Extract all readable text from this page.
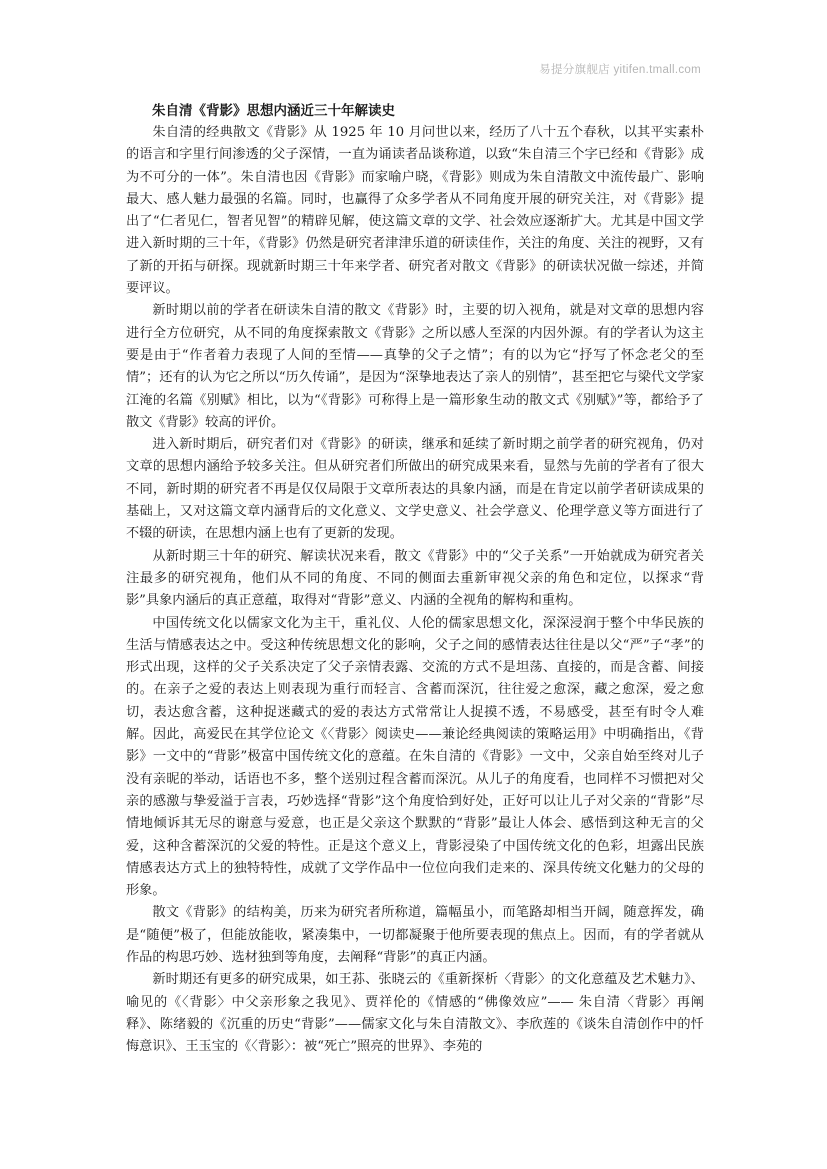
易提分旗舰店 yitifen.tmall.com
朱自清《背影》思想内涵近三十年解读史

朱自清的经典散文《背影》从 1925 年 10 月问世以来，经历了八十五个春秋，以其平实素朴的语言和字里行间渗透的父子深情，一直为诵读者品谈称道，以致“朱自清三个字已经和《背影》成为不可分的一体”。朱自清也因《背影》而家喻户晓，《背影》则成为朱自清散文中流传最广、影响最大、感人魅力最强的名篇。同时，也赢得了众多学者从不同角度开展的研究关注，对《背影》提出了“仁者见仁，智者见智”的精辟见解，使这篇文章的文学、社会效应逐渐扩大。尤其是中国文学进入新时期的三十年，《背影》仍然是研究者津津乐道的研读佳作，关注的角度、关注的视野，又有了新的开拓与研探。现就新时期三十年来学者、研究者对散文《背影》的研读状况做一综述，并简要评议。

新时期以前的学者在研读朱自清的散文《背影》时，主要的切入视角，就是对文章的思想内容进行全方位研究，从不同的角度探索散文《背影》之所以感人至深的内因外源。有的学者认为这主要是由于“作者着力表现了人间的至情——真挚的父子之情”；有的以为它“抒写了怀念老父的至情”；还有的认为它之所以“历久传诵”，是因为“深挚地表达了亲人的别情”，甚至把它与梁代文学家江淹的名篇《别赋》相比，以为“《背影》可称得上是一篇形象生动的散文式《别赋》”等，都给予了散文《背影》较高的评价。

进入新时期后，研究者们对《背影》的研读，继承和延续了新时期之前学者的研究视角，仍对文章的思想内涵给予较多关注。但从研究者们所做出的研究成果来看，显然与先前的学者有了很大不同，新时期的研究者不再是仅仅局限于文章所表达的具象内涵，而是在肯定以前学者研读成果的基础上，又对这篇文章内涵背后的文化意义、文学史意义、社会学意义、伦理学意义等方面进行了不辍的研读，在思想内涵上也有了更新的发现。

从新时期三十年的研究、解读状况来看，散文《背影》中的“父子关系”一开始就成为研究者关注最多的研究视角，他们从不同的角度、不同的侧面去重新审视父亲的角色和定位，以探求“背影”具象内涵后的真正意蕴，取得对“背影”意义、内涵的全视角的解构和重构。

中国传统文化以儒家文化为主干，重礼仪、人伦的儒家思想文化，深深浸润于整个中华民族的生活与情感表达之中。受这种传统思想文化的影响，父子之间的感情表达往往是以父“严”子“孝”的形式出现，这样的父子关系决定了父子亲情表露、交流的方式不是坦荡、直接的，而是含蓄、间接的。在亲子之爱的表达上则表现为重行而轻言、含蓄而深沉，往往爱之愈深，藏之愈深，爱之愈切，表达愈含蓄，这种捉迷藏式的爱的表达方式常常让人捉摸不透，不易感受，甚至有时令人难解。因此，高爱民在其学位论文《〈背影〉阅读史——兼论经典阅读的策略运用》中明确指出，《背影》一文中的“背影”极富中国传统文化的意蕴。在朱自清的《背影》一文中，父亲自始至终对儿子没有亲昵的举动，话语也不多，整个送别过程含蓄而深沉。从儿子的角度看，也同样不习惯把对父亲的感激与挚爱溢于言表，巧妙选择“背影”这个角度恰到好处，正好可以让儿子对父亲的“背影”尽情地倾诉其无尽的谢意与爱意，也正是父亲这个默默的“背影”最让人体会、感悟到这种无言的父爱，这种含蓄深沉的父爱的特性。正是这个意义上，背影浸染了中国传统文化的色彩，坦露出民族情感表达方式上的独特特性，成就了文学作品中一位位向我们走来的、深具传统文化魅力的父母的形象。

散文《背影》的结构美，历来为研究者所称道，篇幅虽小，而笔路却相当开阔，随意挥发，确是“随便”极了，但能放能收，紧凑集中，一切都凝聚于他所要表现的焦点上。因而，有的学者就从作品的构思巧妙、选材独到等角度，去阐释“背影”的真正内涵。

新时期还有更多的研究成果，如王荪、张晓云的《重新探析〈背影〉的文化意蕴及艺术魅力》、喻见的《〈背影〉中父亲形象之我见》、贾祥伦的《情感的“佛像效应”—— 朱自清〈背影〉再阐释》、陈绪毅的《沉重的历史“背影”——儒家文化与朱自清散文》、李欣莲的《谈朱自清创作中的忏悔意识》、王玉宝的《〈背影〉：被“死亡”照亮的世界》、李苑的
